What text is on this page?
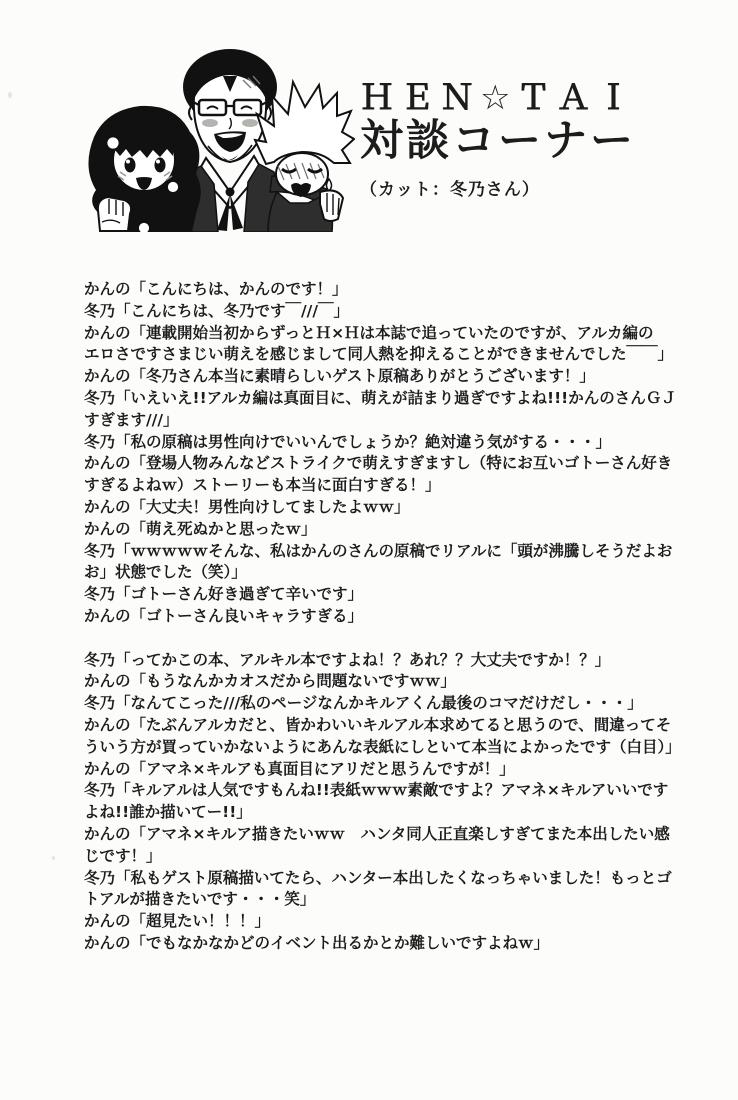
ＨＥＮ☆ＴＡＩ
対談コーナー
（カット：冬乃さん）
かんの「こんにちは、かんのです！」
冬乃「こんにちは、冬乃です￣///￣」
かんの「連載開始当初からずっとＨ×Ｈは本誌で追っていたのですが、アルカ編の
エロさですさまじい萌えを感じまして同人熱を抑えることができませんでした￣￣」
かんの「冬乃さん本当に素晴らしいゲスト原稿ありがとうございます！」
冬乃「いえいえ!!アルカ編は真面目に、萌えが詰まり過ぎですよね!!!かんのさんＧＪ
すぎます///」
冬乃「私の原稿は男性向けでいいんでしょうか？絶対違う気がする・・・」
かんの「登場人物みんなどストライクで萌えすぎますし（特にお互いゴトーさん好き
すぎるよねｗ）ストーリーも本当に面白すぎる！」
かんの「大丈夫！男性向けしてましたよｗｗ」
かんの「萌え死ぬかと思ったｗ」
冬乃「ｗｗｗｗｗそんな、私はかんのさんの原稿でリアルに「頭が沸騰しそうだよお
お」状態でした（笑）」
冬乃「ゴトーさん好き過ぎて辛いです」
かんの「ゴトーさん良いキャラすぎる」
冬乃「ってかこの本、アルキル本ですよね！？あれ？？大丈夫ですか！？」
かんの「もうなんかカオスだから問題ないですｗｗ」
冬乃「なんてこった///私のページなんかキルアくん最後のコマだけだし・・・」
かんの「たぶんアルカだと、皆かわいいキルアル本求めてると思うので、間違ってそ
ういう方が買っていかないようにあんな表紙にしといて本当によかったです（白目）」
かんの「アマネ×キルアも真面目にアリだと思うんですが！」
冬乃「キルアルは人気ですもんね!!表紙ｗｗｗ素敵ですよ？アマネ×キルアいいです
よね!!誰か描いてー!!」
かんの「アマネ×キルア描きたいｗｗ　ハンタ同人正直楽しすぎてまた本出したい感
じです！」
冬乃「私もゲスト原稿描いてたら、ハンター本出したくなっちゃいました！もっとゴ
トアルが描きたいです・・・笑」
かんの「超見たい！！！」
かんの「でもなかなかどのイベント出るかとか難しいですよねｗ」
